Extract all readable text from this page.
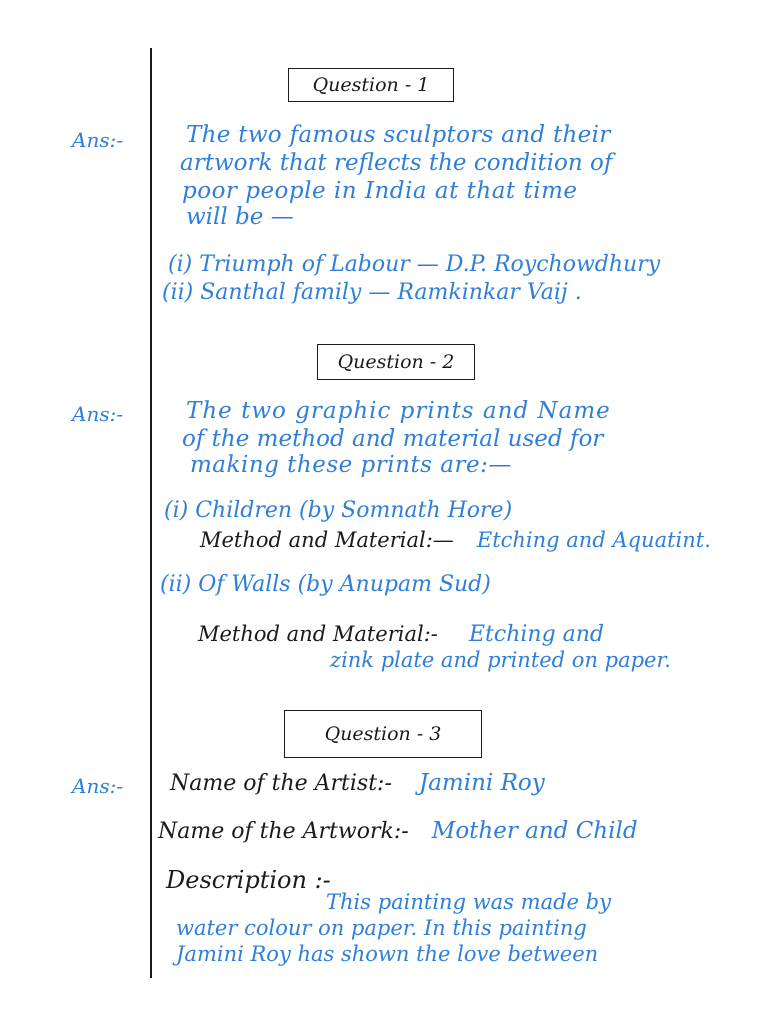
Question - 1
Ans:-	The two famous sculptors and their
artwork that reflects the condition of
poor people in India at that time
will be —
(i) Triumph of Labour — D.P. Roychowdhury
(ii) Santhal family — Ramkinkar Vaij .
Question - 2
Ans:-	The two graphic prints and Name
of the method and material used for
making these prints are:—
(i) Children (by Somnath Hore)
Method and Material:— Etching and Aquatint.
(ii) Of Walls (by Anupam Sud)
Method and Material:- Etching and
zink plate and printed on paper.
Question - 3
Ans:- Name of the Artist:- Jamini Roy
Name of the Artwork:- Mother and Child
Description :-
This painting was made by
water colour on paper. In this painting
Jamini Roy has shown the love between
